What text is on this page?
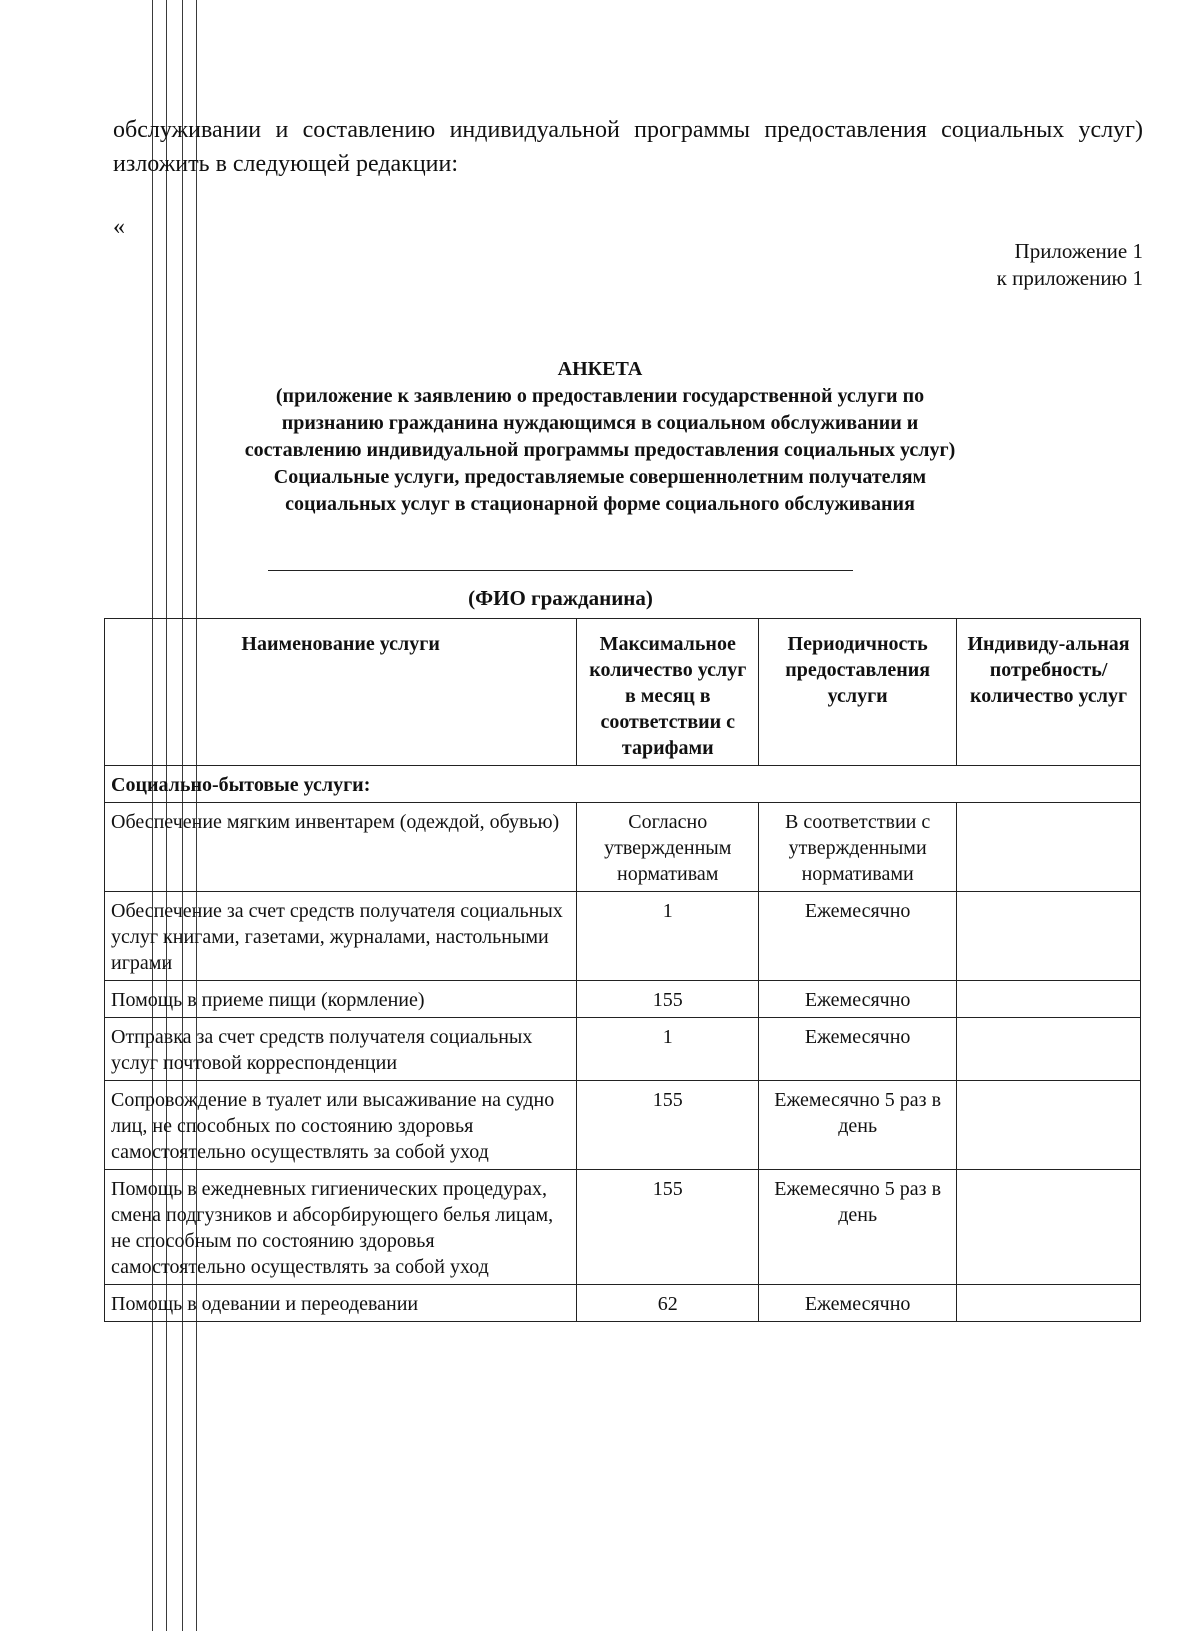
обслуживании и составлению индивидуальной программы предоставления социальных услуг) изложить в следующей редакции:
«
Приложение 1
к приложению 1
АНКЕТА
(приложение к заявлению о предоставлении государственной услуги по
признанию гражданина нуждающимся в социальном обслуживании и
составлению индивидуальной программы предоставления социальных услуг)
Социальные услуги, предоставляемые совершеннолетним получателям
социальных услуг в стационарной форме социального обслуживания
(ФИО гражданина)
Наименование услуги	Максимальное количество услуг в месяц в соответствии с тарифами	Периодичность предоставления услуги	Индивиду-альная потребность/ количество услуг
Социально-бытовые услуги:			
Обеспечение мягким инвентарем (одеждой, обувью)	Согласно утвержденным нормативам	В соответствии с утвержденными нормативами	
Обеспечение за счет средств получателя социальных услуг книгами, газетами, журналами, настольными играми	1	Ежемесячно	
Помощь в приеме пищи (кормление)	155	Ежемесячно	
Отправка за счет средств получателя социальных услуг почтовой корреспонденции	1	Ежемесячно	
Сопровождение в туалет или высаживание на судно лиц, не способных по состоянию здоровья самостоятельно осуществлять за собой уход	155	Ежемесячно 5 раз в день	
Помощь в ежедневных гигиенических процедурах, смена подгузников и абсорбирующего белья лицам, не способным по состоянию здоровья самостоятельно осуществлять за собой уход	155	Ежемесячно 5 раз в день	
Помощь в одевании и переодевании	62	Ежемесячно	
